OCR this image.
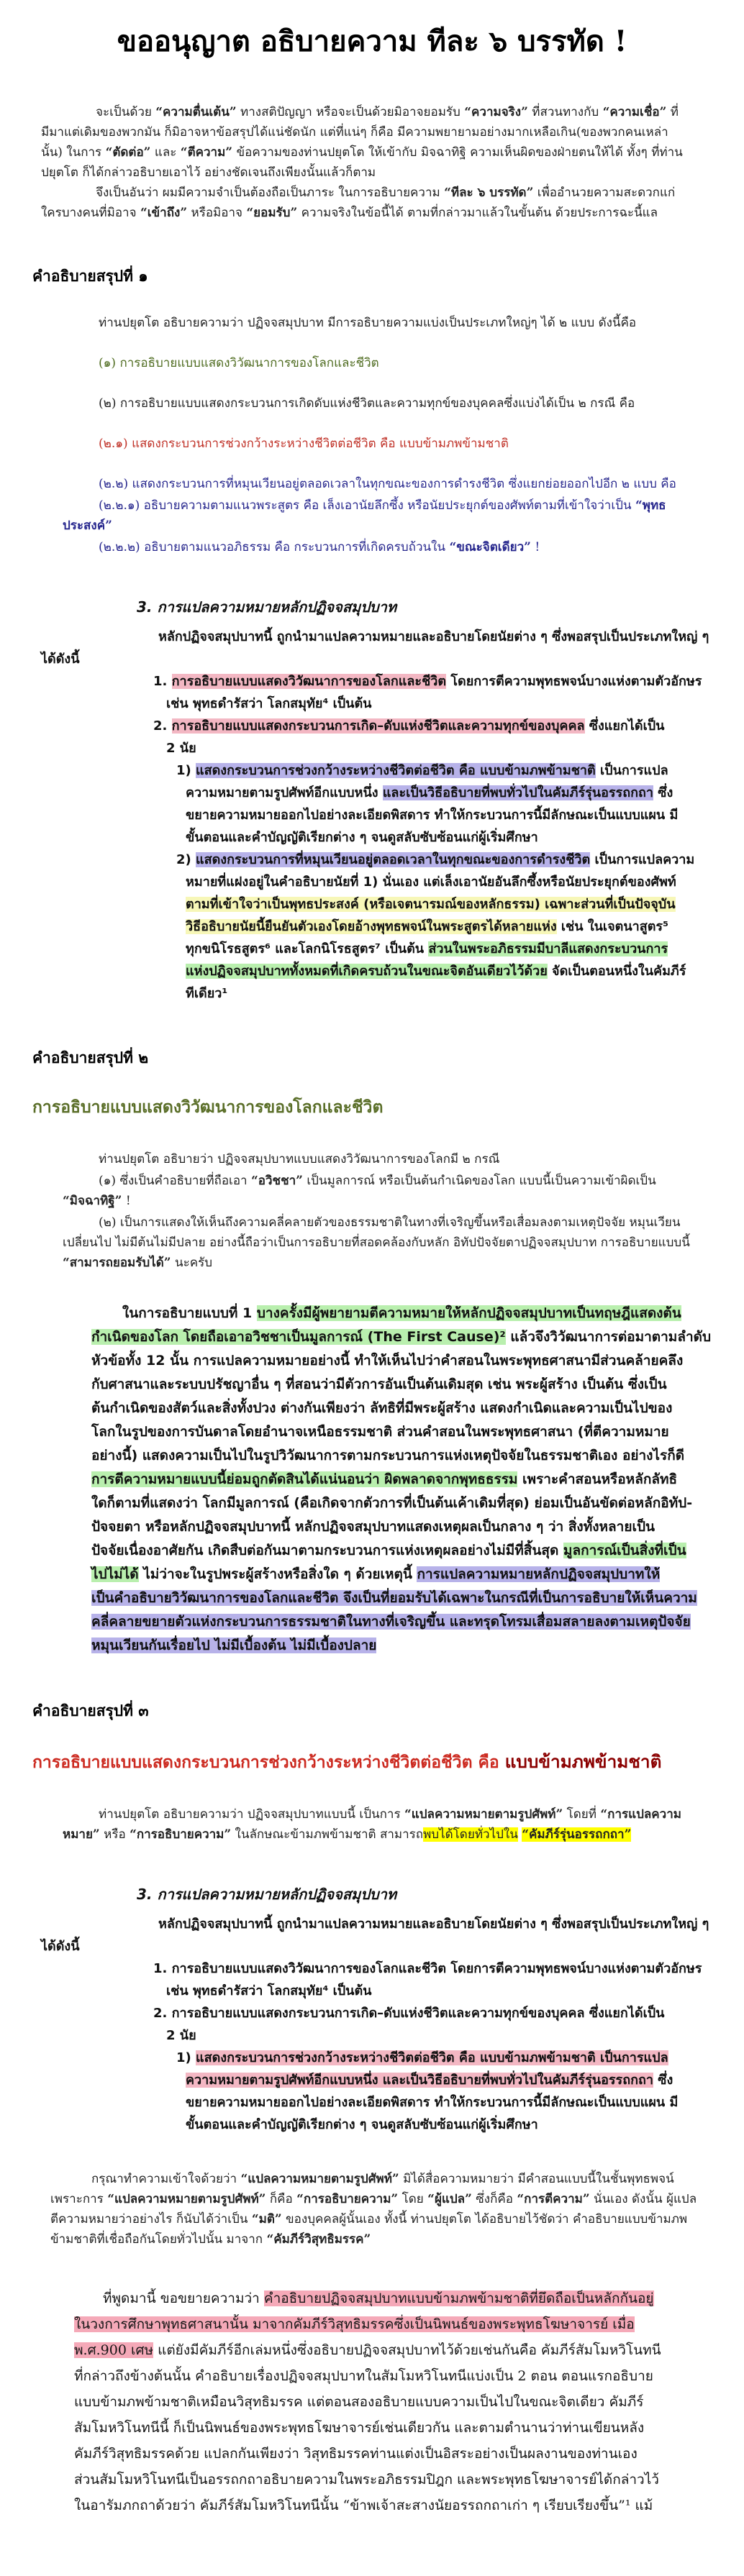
ขออนุญาต อธิบายความ ทีละ ๖ บรรทัด !

จะเป็นด้วย “ความตื่นเต้น” ทางสติปัญญา หรือจะเป็นด้วยมิอาจยอมรับ “ความจริง” ที่สวนทางกับ “ความเชื่อ” ที่มีมาแต่เดิมของพวกมัน ก็มิอาจหาข้อสรุปได้แน่ชัดนัก แต่ที่แน่ๆ ก็คือ มีความพยายามอย่างมากเหลือเกิน(ของพวกคนเหล่านั้น) ในการ “ตัดต่อ” และ “ตีความ” ข้อความของท่านปยุตโต ให้เข้ากับ มิจฉาทิฐิ ความเห็นผิดของฝ่ายตนให้ได้ ทั้งๆ ที่ท่านปยุตโต ก็ได้กล่าวอธิบายเอาไว้ อย่างชัดเจนถึงเพียงนั้นแล้วก็ตาม

จึงเป็นอันว่า ผมมีความจำเป็นต้องถือเป็นภาระ ในการอธิบายความ “ทีละ ๖ บรรทัด” เพื่ออำนวยความสะดวกแก่ใครบางคนที่มิอาจ “เข้าถึง” หรือมิอาจ “ยอมรับ” ความจริงในข้อนี้ได้ ตามที่กล่าวมาแล้วในขั้นต้น ด้วยประการฉะนี้แล

คำอธิบายสรุปที่ ๑

ท่านปยุตโต อธิบายความว่า ปฏิจจสมุปบาท มีการอธิบายความแบ่งเป็นประเภทใหญ่ๆ ได้ ๒ แบบ ดังนี้คือ

(๑) การอธิบายแบบแสดงวิวัฒนาการของโลกและชีวิต

(๒) การอธิบายแบบแสดงกระบวนการเกิดดับแห่งชีวิตและความทุกข์ของบุคคลซึ่งแบ่งได้เป็น ๒ กรณี คือ

(๒.๑) แสดงกระบวนการช่วงกว้างระหว่างชีวิตต่อชีวิต คือ แบบข้ามภพข้ามชาติ

(๒.๒) แสดงกระบวนการที่หมุนเวียนอยู่ตลอดเวลาในทุกขณะของการดำรงชีวิต ซึ่งแยกย่อยออกไปอีก ๒ แบบ คือ

(๒.๒.๑) อธิบายความตามแนวพระสูตร คือ เล็งเอานัยลึกซึ้ง หรือนัยประยุกต์ของศัพท์ตามที่เข้าใจว่าเป็น “พุทธประสงค์”

(๒.๒.๒) อธิบายตามแนวอภิธรรม คือ กระบวนการที่เกิดครบถ้วนใน “ขณะจิตเดียว” !

3. การแปลความหมายหลักปฏิจจสมุปบาท
หลักปฏิจจสมุปบาทนี้ ถูกนำมาแปลความหมายและอธิบายโดยนัยต่าง ๆ ซึ่งพอสรุปเป็นประเภทใหญ่ ๆ
ได้ดังนี้
1. การอธิบายแบบแสดงวิวัฒนาการของโลกและชีวิต โดยการตีความพุทธพจน์บางแห่งตามตัวอักษร
เช่น พุทธดำรัสว่า โลกสมุทัย⁴ เป็นต้น
2. การอธิบายแบบแสดงกระบวนการเกิด–ดับแห่งชีวิตและความทุกข์ของบุคคล ซึ่งแยกได้เป็น
2 นัย
1) แสดงกระบวนการช่วงกว้างระหว่างชีวิตต่อชีวิต คือ แบบข้ามภพข้ามชาติ เป็นการแปล
ความหมายตามรูปศัพท์อีกแบบหนึ่ง และเป็นวิธีอธิบายที่พบทั่วไปในคัมภีร์รุ่นอรรถกถา ซึ่ง
ขยายความหมายออกไปอย่างละเอียดพิสดาร ทำให้กระบวนการนี้มีลักษณะเป็นแบบแผน มี
ขั้นตอนและคำบัญญัติเรียกต่าง ๆ จนดูสลับซับซ้อนแก่ผู้เริ่มศึกษา
2) แสดงกระบวนการที่หมุนเวียนอยู่ตลอดเวลาในทุกขณะของการดำรงชีวิต เป็นการแปลความ
หมายที่แฝงอยู่ในคำอธิบายนัยที่ 1) นั่นเอง แต่เล็งเอานัยอันลึกซึ้งหรือนัยประยุกต์ของศัพท์
ตามที่เข้าใจว่าเป็นพุทธประสงค์ (หรือเจตนารมณ์ของหลักธรรม) เฉพาะส่วนที่เป็นปัจจุบัน
วิธีอธิบายนัยนี้ยืนยันตัวเองโดยอ้างพุทธพจน์ในพระสูตรได้หลายแห่ง เช่น ในเจตนาสูตร⁵
ทุกขนิโรธสูตร⁶ และโลกนิโรธสูตร⁷ เป็นต้น ส่วนในพระอภิธรรมมีบาลีแสดงกระบวนการ
แห่งปฏิจจสมุปบาททั้งหมดที่เกิดครบถ้วนในขณะจิตอันเดียวไว้ด้วย จัดเป็นตอนหนึ่งในคัมภีร์
ทีเดียว¹
คำอธิบายสรุปที่ ๒
การอธิบายแบบแสดงวิวัฒนาการของโลกและชีวิต

ท่านปยุตโต อธิบายว่า ปฏิจจสมุปบาทแบบแสดงวิวัฒนาการของโลกมี ๒ กรณี

(๑) ซึ่งเป็นคำอธิบายที่ถือเอา “อวิชชา” เป็นมูลการณ์ หรือเป็นต้นกำเนิดของโลก แบบนี้เป็นความเข้าผิดเป็น “มิจฉาทิฐิ” !

(๒) เป็นการแสดงให้เห็นถึงความคลี่คลายตัวของธรรมชาติในทางที่เจริญขึ้นหรือเสื่อมลงตามเหตุปัจจัย หมุนเวียนเปลี่ยนไป ไม่มีต้นไม่มีปลาย อย่างนี้ถือว่าเป็นการอธิบายที่สอดคล้องกับหลัก อิทัปปัจจัยตาปฏิจจสมุปบาท การอธิบายแบบนี้ “สามารถยอมรับได้” นะครับ

ในการอธิบายแบบที่ 1 บางครั้งมีผู้พยายามตีความหมายให้หลักปฏิจจสมุปบาทเป็นทฤษฎีแสดงต้น
กำเนิดของโลก โดยถือเอาอวิชชาเป็นมูลการณ์ (The First Cause)² แล้วจึงวิวัฒนาการต่อมาตามลำดับ
หัวข้อทั้ง 12 นั้น การแปลความหมายอย่างนี้ ทำให้เห็นไปว่าคำสอนในพระพุทธศาสนามีส่วนคล้ายคลึง
กับศาสนาและระบบปรัชญาอื่น ๆ ที่สอนว่ามีตัวการอันเป็นต้นเดิมสุด เช่น พระผู้สร้าง เป็นต้น ซึ่งเป็น
ต้นกำเนิดของสัตว์และสิ่งทั้งปวง ต่างกันเพียงว่า ลัทธิที่มีพระผู้สร้าง แสดงกำเนิดและความเป็นไปของ
โลกในรูปของการบันดาลโดยอำนาจเหนือธรรมชาติ ส่วนคำสอนในพระพุทธศาสนา (ที่ตีความหมาย
อย่างนี้) แสดงความเป็นไปในรูปวิวัฒนาการตามกระบวนการแห่งเหตุปัจจัยในธรรมชาติเอง อย่างไรก็ดี
การตีความหมายแบบนี้ย่อมถูกตัดสินได้แน่นอนว่า ผิดพลาดจากพุทธธรรม เพราะคำสอนหรือหลักลัทธิ
ใดก็ตามที่แสดงว่า โลกมีมูลการณ์ (คือเกิดจากตัวการที่เป็นต้นเค้าเดิมที่สุด) ย่อมเป็นอันขัดต่อหลักอิทัป-
ปัจจยตา หรือหลักปฏิจจสมุปบาทนี้ หลักปฏิจจสมุปบาทแสดงเหตุผลเป็นกลาง ๆ ว่า สิ่งทั้งหลายเป็น
ปัจจัยเนื่องอาศัยกัน เกิดสืบต่อกันมาตามกระบวนการแห่งเหตุผลอย่างไม่มีที่สิ้นสุด มูลการณ์เป็นสิ่งที่เป็น
ไปไม่ได้ ไม่ว่าจะในรูปพระผู้สร้างหรือสิ่งใด ๆ ด้วยเหตุนี้ การแปลความหมายหลักปฏิจจสมุปบาทให้
เป็นคำอธิบายวิวัฒนาการของโลกและชีวิต จึงเป็นที่ยอมรับได้เฉพาะในกรณีที่เป็นการอธิบายให้เห็นความ
คลี่คลายขยายตัวแห่งกระบวนการธรรมชาติในทางที่เจริญขึ้น และทรุดโทรมเสื่อมสลายลงตามเหตุปัจจัย
หมุนเวียนกันเรื่อยไป ไม่มีเบื้องต้น ไม่มีเบื้องปลาย
คำอธิบายสรุปที่ ๓
การอธิบายแบบแสดงกระบวนการช่วงกว้างระหว่างชีวิตต่อชีวิต คือ แบบข้ามภพข้ามชาติ

ท่านปยุตโต อธิบายความว่า ปฏิจจสมุปบาทแบบนี้ เป็นการ “แปลความหมายตามรูปศัพท์” โดยที่ “การแปลความหมาย” หรือ “การอธิบายความ” ในลักษณะข้ามภพข้ามชาติ สามารถพบได้โดยทั่วไปใน “คัมภีร์รุ่นอรรถกถา”

3. การแปลความหมายหลักปฏิจจสมุปบาท
หลักปฏิจจสมุปบาทนี้ ถูกนำมาแปลความหมายและอธิบายโดยนัยต่าง ๆ ซึ่งพอสรุปเป็นประเภทใหญ่ ๆ
ได้ดังนี้
1. การอธิบายแบบแสดงวิวัฒนาการของโลกและชีวิต โดยการตีความพุทธพจน์บางแห่งตามตัวอักษร
เช่น พุทธดำรัสว่า โลกสมุทัย⁴ เป็นต้น
2. การอธิบายแบบแสดงกระบวนการเกิด–ดับแห่งชีวิตและความทุกข์ของบุคคล ซึ่งแยกได้เป็น
2 นัย
1) แสดงกระบวนการช่วงกว้างระหว่างชีวิตต่อชีวิต คือ แบบข้ามภพข้ามชาติ เป็นการแปล
ความหมายตามรูปศัพท์อีกแบบหนึ่ง และเป็นวิธีอธิบายที่พบทั่วไปในคัมภีร์รุ่นอรรถกถา ซึ่ง
ขยายความหมายออกไปอย่างละเอียดพิสดาร ทำให้กระบวนการนี้มีลักษณะเป็นแบบแผน มี
ขั้นตอนและคำบัญญัติเรียกต่าง ๆ จนดูสลับซับซ้อนแก่ผู้เริ่มศึกษา

กรุณาทำความเข้าใจด้วยว่า “แปลความหมายตามรูปศัพท์” มิได้สื่อความหมายว่า มีคำสอนแบบนี้ในชั้นพุทธพจน์ เพราะการ “แปลความหมายตามรูปศัพท์” ก็คือ “การอธิบายความ” โดย “ผู้แปล” ซึ่งก็คือ “การตีความ” นั่นเอง ดังนั้น ผู้แปล ตีความหมายว่าอย่างไร ก็นับได้ว่าเป็น “มติ” ของบุคคลผู้นั้นเอง ทั้งนี้ ท่านปยุตโต ได้อธิบายไว้ชัดว่า คำอธิบายแบบข้ามภพข้ามชาติที่เชื่อถือกันโดยทั่วไปนั้น มาจาก “คัมภีร์วิสุทธิมรรค”

ที่พูดมานี้ ขอขยายความว่า คำอธิบายปฏิจจสมุปบาทแบบข้ามภพข้ามชาติที่ยึดถือเป็นหลักกันอยู่
ในวงการศึกษาพุทธศาสนานั้น มาจากคัมภีร์วิสุทธิมรรคซึ่งเป็นนิพนธ์ของพระพุทธโฆษาจารย์ เมื่อ
พ.ศ.900 เศษ แต่ยังมีคัมภีร์อีกเล่มหนึ่งซึ่งอธิบายปฏิจจสมุปบาทไว้ด้วยเช่นกันคือ คัมภีร์สัมโมหวิโนทนี
ที่กล่าวถึงข้างต้นนั้น คำอธิบายเรื่องปฏิจจสมุปบาทในสัมโมหวิโนทนีแบ่งเป็น 2 ตอน ตอนแรกอธิบาย
แบบข้ามภพข้ามชาติเหมือนวิสุทธิมรรค แต่ตอนสองอธิบายแบบความเป็นไปในขณะจิตเดียว คัมภีร์
สัมโมหวิโนทนีนี้ ก็เป็นนิพนธ์ของพระพุทธโฆษาจารย์เช่นเดียวกัน และตามตำนานว่าท่านเขียนหลัง
คัมภีร์วิสุทธิมรรคด้วย แปลกกันเพียงว่า วิสุทธิมรรคท่านแต่งเป็นอิสระอย่างเป็นผลงานของท่านเอง
ส่วนสัมโมหวิโนทนีเป็นอรรถกถาอธิบายความในพระอภิธรรมปิฎก และพระพุทธโฆษาจารย์ได้กล่าวไว้
ในอารัมภกถาด้วยว่า คัมภีร์สัมโมหวิโนทนีนั้น “ข้าพเจ้าสะสางนัยอรรถกถาเก่า ๆ เรียบเรียงขึ้น”¹ แม้
